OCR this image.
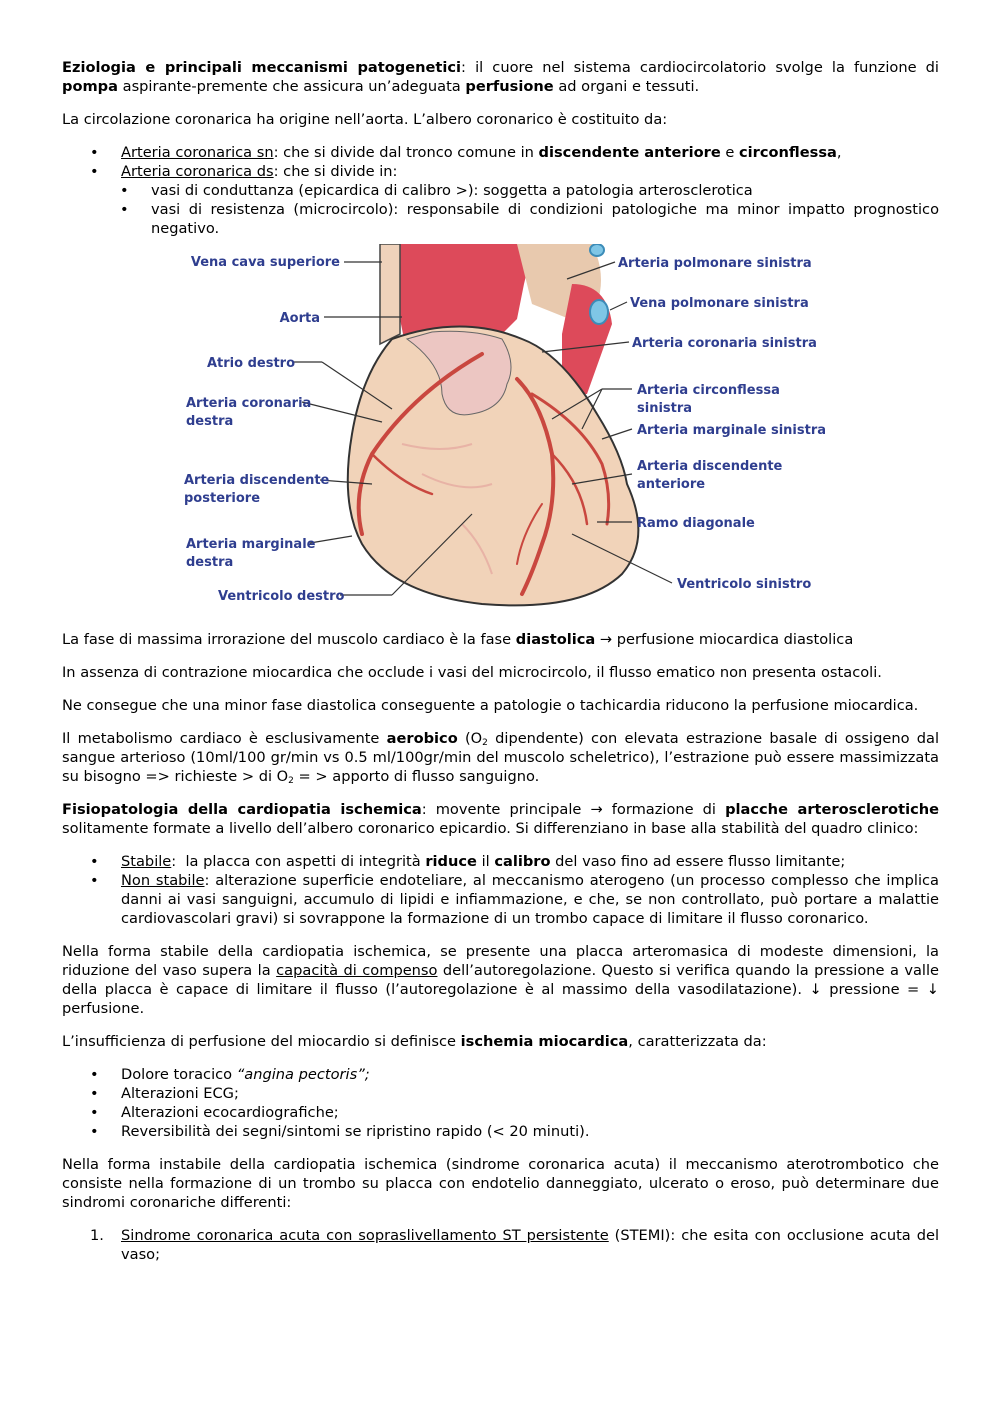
Eziologia e principali meccanismi patogenetici: il cuore nel sistema cardiocircolatorio svolge la funzione di pompa aspirante-premente che assicura un’adeguata perfusione ad organi e tessuti.

La circolazione coronarica ha origine nell’aorta. L’albero coronarico è costituito da:

• Arteria coronarica sn: che si divide dal tronco comune in discendente anteriore e circonflessa,
• Arteria coronarica ds: che si divide in:
• vasi di conduttanza (epicardica di calibro >): soggetta a patologia arterosclerotica
• vasi di resistenza (microcircolo): responsabile di condizioni patologiche ma minor impatto prognostico negativo.
Vena cava superiore
Aorta
Atrio destro
Arteria coronaria
destra
Arteria discendente
posteriore
Arteria marginale
destra
Ventricolo destro
Arteria polmonare sinistra
Vena polmonare sinistra
Arteria coronaria sinistra
Arteria circonflessa
sinistra
Arteria marginale sinistra
Arteria discendente
anteriore
Ramo diagonale
Ventricolo sinistro

La fase di massima irrorazione del muscolo cardiaco è la fase diastolica → perfusione miocardica diastolica

In assenza di contrazione miocardica che occlude i vasi del microcircolo, il flusso ematico non presenta ostacoli.

Ne consegue che una minor fase diastolica conseguente a patologie o tachicardia riducono la perfusione miocardica.

Il metabolismo cardiaco è esclusivamente aerobico ($O_2$ dipendente) con elevata estrazione basale di ossigeno dal sangue arterioso (10ml/100 gr/min vs 0.5 ml/100gr/min del muscolo scheletrico), l’estrazione può essere massimizzata su bisogno => richieste > di $O_2$ = > apporto di flusso sanguigno.

Fisiopatologia della cardiopatia ischemica: movente principale → formazione di placche arterosclerotiche solitamente formate a livello dell’albero coronarico epicardio. Si differenziano in base alla stabilità del quadro clinico:

• Stabile:  la placca con aspetti di integrità riduce il calibro del vaso fino ad essere flusso limitante;
• Non stabile: alterazione superficie endoteliare, al meccanismo aterogeno (un processo complesso che implica danni ai vasi sanguigni, accumulo di lipidi e infiammazione, e che, se non controllato, può portare a malattie cardiovascolari gravi) si sovrappone la formazione di un trombo capace di limitare il flusso coronarico.

Nella forma stabile della cardiopatia ischemica, se presente una placca arteromasica di modeste dimensioni, la riduzione del vaso supera la capacità di compenso dell’autoregolazione. Questo si verifica quando la pressione a valle della placca è capace di limitare il flusso (l’autoregolazione è al massimo della vasodilatazione). ↓ pressione = ↓ perfusione.

L’insufficienza di perfusione del miocardio si definisce ischemia miocardica, caratterizzata da:

• Dolore toracico “angina pectoris”;
• Alterazioni ECG;
• Alterazioni ecocardiografiche;
• Reversibilità dei segni/sintomi se ripristino rapido (< 20 minuti).

Nella forma instabile della cardiopatia ischemica (sindrome coronarica acuta) il meccanismo aterotrombotico che consiste nella formazione di un trombo su placca con endotelio danneggiato, ulcerato o eroso, può determinare due sindromi coronariche differenti:

1. Sindrome coronarica acuta con sopraslivellamento ST persistente (STEMI): che esita con occlusione acuta del vaso;
